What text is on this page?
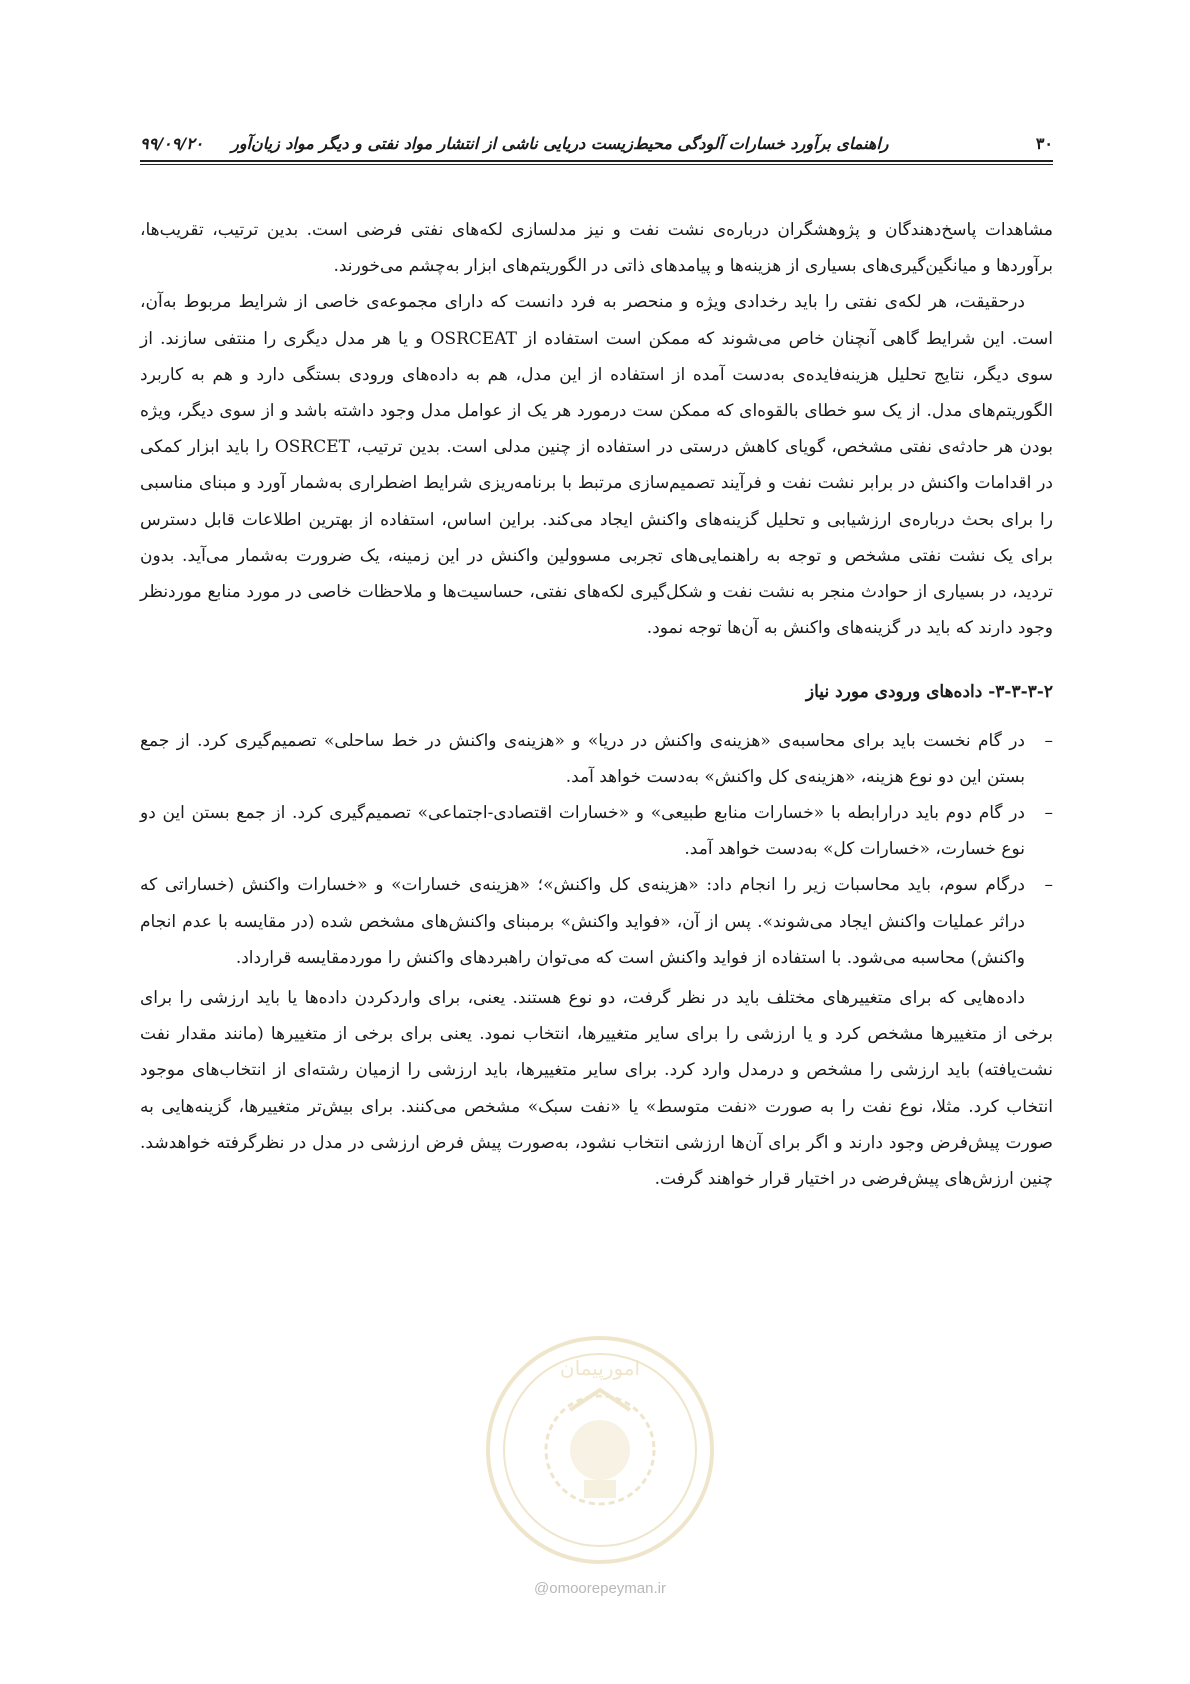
۳۰
راهنمای برآورد خسارات آلودگی محیط‌زیست دریایی ناشی از انتشار مواد نفتی و دیگر مواد زیان‌آور     ۹۹/۰۹/۲۰

مشاهدات پاسخ‌دهندگان و پژوهشگران درباره‌ی نشت نفت و نیز مدلسازی لکه‌های نفتی فرضی است. بدین ترتیب، تقریب‌ها، برآوردها و میانگین‌گیری‌های بسیاری از هزینه‌ها و پیامدهای ذاتی در الگوریتم‌های ابزار به‌چشم می‌خورند.

درحقیقت، هر لکه‌ی نفتی را باید رخدادی ویژه و منحصر به فرد دانست که دارای مجموعه‌ی خاصی از شرایط مربوط به‌آن، است. این شرایط گاهی آنچنان خاص می‌شوند که ممکن است استفاده از OSRCEAT و یا هر مدل دیگری را منتفی سازند. از سوی دیگر، نتایج تحلیل هزینه‌فایده‌ی به‌دست آمده از استفاده از این مدل، هم به داده‌های ورودی بستگی دارد و هم به کاربرد الگوریتم‌های مدل. از یک سو خطای بالقوه‌ای که ممکن ست درمورد هر یک از عوامل مدل وجود داشته باشد و از سوی دیگر، ویژه بودن هر حادثه‌ی نفتی مشخص، گویای کاهش درستی در استفاده از چنین مدلی است. بدین ترتیب، OSRCET را باید ابزار کمکی در اقدامات واکنش در برابر نشت نفت و فرآیند تصمیم‌سازی مرتبط با برنامه‌ریزی شرایط اضطراری به‌شمار آورد و مبنای مناسبی را برای بحث درباره‌ی ارزشیابی و تحلیل گزینه‌های واکنش ایجاد می‌کند. براین اساس، استفاده از بهترین اطلاعات قابل دسترس برای یک نشت نفتی مشخص و توجه به راهنمایی‌های تجربی مسوولین واکنش در این زمینه، یک ضرورت به‌شمار می‌آید. بدون تردید، در بسیاری از حوادث منجر به نشت نفت و شکل‌گیری لکه‌های نفتی، حساسیت‌ها و ملاحظات خاصی در مورد منابع موردنظر وجود دارند که باید در گزینه‌های واکنش به آن‌ها توجه نمود.

۳-۳-۳-۲- داده‌های ورودی مورد نیاز
–
در گام نخست باید برای محاسبه‌ی «هزینه‌ی واکنش در دریا» و «هزینه‌ی واکنش در خط ساحلی» تصمیم‌گیری کرد. از جمع بستن این دو نوع هزینه، «هزینه‌ی کل واکنش» به‌دست خواهد آمد.
–
در گام دوم باید درارابطه با «خسارات منابع طبیعی» و «خسارات اقتصادی-اجتماعی» تصمیم‌گیری کرد. از جمع بستن این دو نوع خسارت، «خسارات کل» به‌دست خواهد آمد.
–
درگام سوم، باید محاسبات زیر را انجام داد: «هزینه‌ی کل واکنش»؛ «هزینه‌ی خسارات» و «خسارات واکنش (خساراتی که دراثر عملیات واکنش ایجاد می‌شوند». پس از آن، «فواید واکنش» برمبنای واکنش‌های مشخص شده (در مقایسه با عدم انجام واکنش) محاسبه می‌شود. با استفاده از فواید واکنش است که می‌توان راهبردهای واکنش را موردمقایسه قرارداد.

داده‌هایی که برای متغییرهای مختلف باید در نظر گرفت، دو نوع هستند. یعنی، برای واردکردن داده‌ها یا باید ارزشی را برای برخی از متغییرها مشخص کرد و یا ارزشی را برای سایر متغییرها، انتخاب نمود. یعنی برای برخی از متغییرها (مانند مقدار نفت نشت‌یافته) باید ارزشی را مشخص و درمدل وارد کرد. برای سایر متغییرها، باید ارزشی را ازمیان رشته‌ای از انتخاب‌های موجود انتخاب کرد. مثلا، نوع نفت را به صورت «نفت متوسط» یا «نفت سبک» مشخص می‌کنند. برای بیش‌تر متغییرها، گزینه‌هایی به صورت پیش‌فرض وجود دارند و اگر برای آن‌ها ارزشی انتخاب نشود، به‌صورت پیش فرض ارزشی در مدل در نظرگرفته خواهدشد. چنین ارزش‌های پیش‌فرضی در اختیار قرار خواهند گرفت.

امورپیمان
@omoorepeyman.ir
